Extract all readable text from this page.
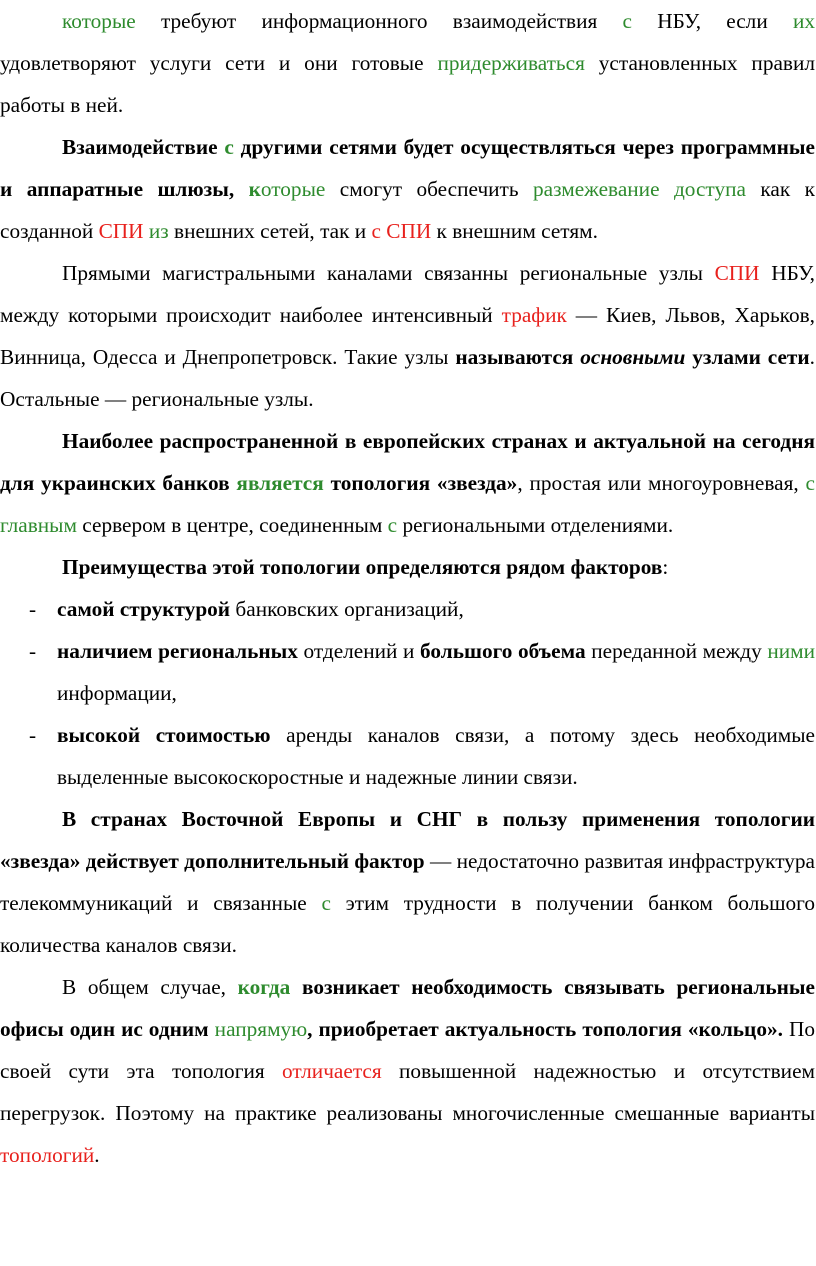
которые требуют информационного взаимодействия с НБУ, если их удовлетворяют услуги сети и они готовые придерживаться установленных правил работы в ней.

Взаимодействие с другими сетями будет осуществляться через программные и аппаратные шлюзы, которые смогут обеспечить размежевание доступа как к созданной СПИ из внешних сетей, так и с СПИ к внешним сетям.

Прямыми магистральными каналами связанны региональные узлы СПИ НБУ, между которыми происходит наиболее интенсивный трафик — Киев, Львов, Харьков, Винница, Одесса и Днепропетровск. Такие узлы называются основными узлами сети. Остальные — региональные узлы.

Наиболее распространенной в европейских странах и актуальной на сегодня для украинских банков является топология «звезда», простая или многоуровневая, с главным сервером в центре, соединенным с региональными отделениями.

Преимущества этой топологии определяются рядом факторов:

- самой структурой банковских организаций,

- наличием региональных отделений и большого объема переданной между ними информации,

- высокой стоимостью аренды каналов связи, а потому здесь необходимые выделенные высокоскоростные и надежные линии связи.

В странах Восточной Европы и СНГ в пользу применения топологии «звезда» действует дополнительный фактор — недостаточно развитая инфраструктура телекоммуникаций и связанные с этим трудности в получении банком большого количества каналов связи.

В общем случае, когда возникает необходимость связывать региональные офисы один ис одним напрямую, приобретает актуальность топология «кольцо». По своей сути эта топология отличается повышенной надежностью и отсутствием перегрузок. Поэтому на практике реализованы многочисленные смешанные варианты топологий.
